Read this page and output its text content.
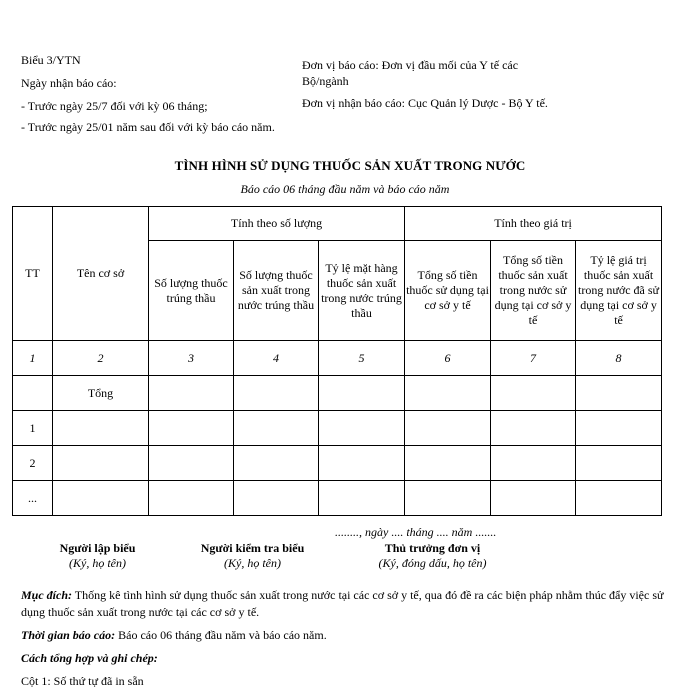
Biểu 3/YTN
Ngày nhận báo cáo:
- Trước ngày 25/7 đối với kỳ 06 tháng;
- Trước ngày 25/01 năm sau đối với kỳ báo cáo năm.
Đơn vị báo cáo: Đơn vị đầu mối của Y tế các Bộ/ngành
Đơn vị nhận báo cáo: Cục Quản lý Dược - Bộ Y tế.
TÌNH HÌNH SỬ DỤNG THUỐC SẢN XUẤT TRONG NƯỚC
Báo cáo 06 tháng đầu năm và báo cáo năm
TT	Tên cơ sở	Tính theo số lượng			Tính theo giá trị		
		Số lượng thuốc trúng thầu	Số lượng thuốc sản xuất trong nước trúng thầu	Tỷ lệ mặt hàng thuốc sản xuất trong nước trúng thầu	Tổng số tiền thuốc sử dụng tại cơ sở y tế	Tổng số tiền thuốc sản xuất trong nước sử dụng tại cơ sở y tế	Tỷ lệ giá trị thuốc sản xuất trong nước đã sử dụng tại cơ sở y tế
1	2	3	4	5	6	7	8
	Tổng						
1							
2							
...							
........, ngày .... tháng .... năm .......
Người lập biểu
(Ký, họ tên)
Người kiểm tra biểu
(Ký, họ tên)
Thủ trưởng đơn vị
(Ký, đóng dấu, họ tên)

Mục đích: Thống kê tình hình sử dụng thuốc sản xuất trong nước tại các cơ sở y tế, qua đó đề ra các biện pháp nhằm thúc đẩy việc sử dụng thuốc sản xuất trong nước tại các cơ sở y tế.

Thời gian báo cáo: Báo cáo 06 tháng đầu năm và báo cáo năm.

Cách tổng hợp và ghi chép:

Cột 1: Số thứ tự đã in sẵn
